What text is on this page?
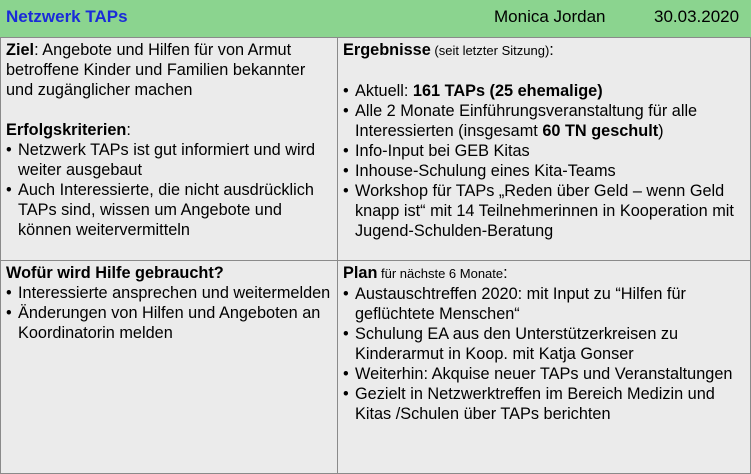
Netzwerk TAPs	Monica Jordan	30.03.2020
Ziel: Angebote und Hilfen für von Armut betroffene Kinder und Familien bekannter und zugänglicher machen
Erfolgskriterien:
• Netzwerk TAPs ist gut informiert und wird weiter ausgebaut
• Auch Interessierte, die nicht ausdrücklich TAPs sind, wissen um Angebote und können weitervermitteln
Ergebnisse (seit letzter Sitzung):
• Aktuell: 161 TAPs (25 ehemalige)
• Alle 2 Monate Einführungsveranstaltung für alle Interessierten (insgesamt 60 TN geschult)
• Info-Input bei GEB Kitas
• Inhouse-Schulung eines Kita-Teams
• Workshop für TAPs „Reden über Geld – wenn Geld knapp ist“ mit 14 Teilnehmerinnen in Kooperation mit Jugend-Schulden-Beratung
Wofür wird Hilfe gebraucht?
• Interessierte ansprechen und weitermelden
• Änderungen von Hilfen und Angeboten an Koordinatorin melden
Plan für nächste 6 Monate:
• Austauschtreffen 2020: mit Input zu “Hilfen für geflüchtete Menschen“
• Schulung EA aus den Unterstützerkreisen zu Kinderarmut in Koop. mit Katja Gonser
• Weiterhin: Akquise neuer TAPs und Veranstaltungen
• Gezielt in Netzwerktreffen im Bereich Medizin und Kitas /Schulen über TAPs berichten
